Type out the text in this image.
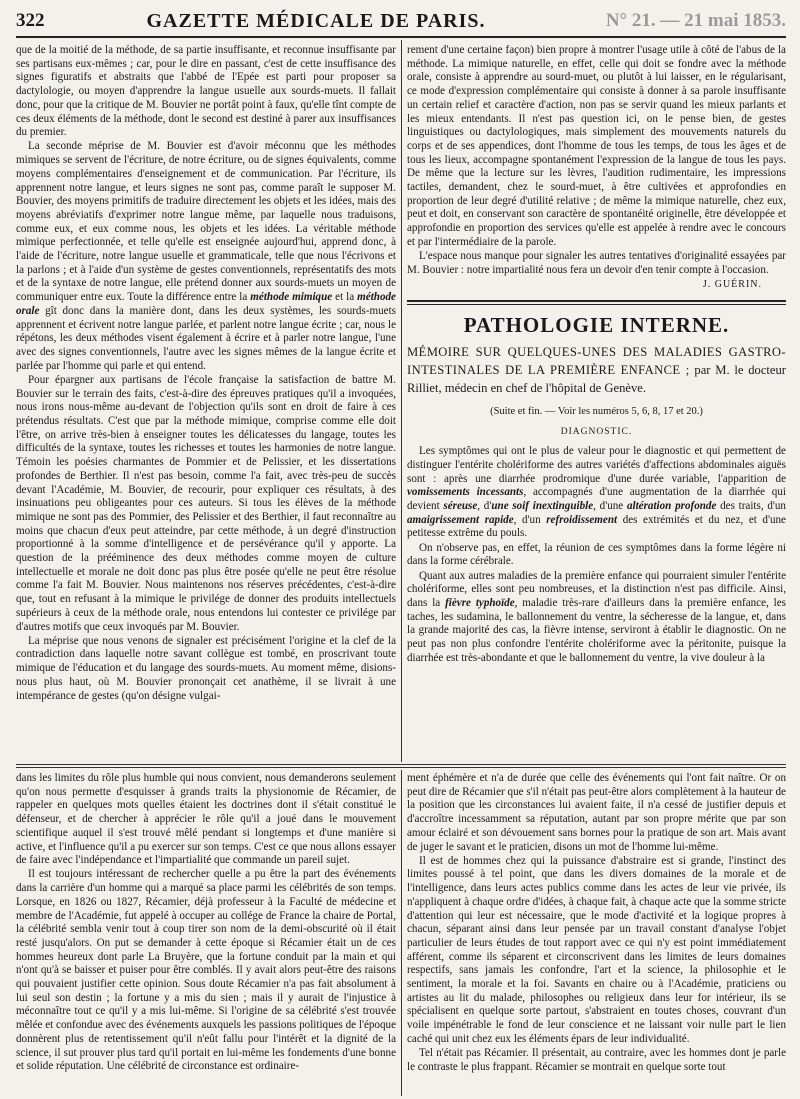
322	GAZETTE MÉDICALE DE PARIS.	N° 21. — 21 mai 1853.

que de la moitié de la méthode, de sa partie insuffisante, et reconnue insuffisante par ses partisans eux-mêmes ; car, pour le dire en passant, c'est de cette insuffisance des signes figuratifs et abstraits que l'abbé de l'Epée est parti pour proposer sa dactylologie, ou moyen d'apprendre la langue usuelle aux sourds-muets. Il fallait donc, pour que la critique de M. Bouvier ne portât point à faux, qu'elle tînt compte de ces deux éléments de la méthode, dont le second est destiné à parer aux insuffisances du premier.

La seconde méprise de M. Bouvier est d'avoir méconnu que les méthodes mimiques se servent de l'écriture, de notre écriture, ou de signes équivalents, comme moyens complémentaires d'enseignement et de communication. Par l'écriture, ils apprennent notre langue, et leurs signes ne sont pas, comme paraît le supposer M. Bouvier, des moyens primitifs de traduire directement les objets et les idées, mais des moyens abréviatifs d'exprimer notre langue même, par laquelle nous traduisons, comme eux, et eux comme nous, les objets et les idées. La véritable méthode mimique perfectionnée, et telle qu'elle est enseignée aujourd'hui, apprend donc, à l'aide de l'écriture, notre langue usuelle et grammaticale, telle que nous l'écrivons et la parlons ; et à l'aide d'un système de gestes conventionnels, représentatifs des mots et de la syntaxe de notre langue, elle prétend donner aux sourds-muets un moyen de communiquer entre eux. Toute la différence entre la méthode mimique et la méthode orale gît donc dans la manière dont, dans les deux systèmes, les sourds-muets apprennent et écrivent notre langue parlée, et parlent notre langue écrite ; car, nous le répétons, les deux méthodes visent également à écrire et à parler notre langue, l'une avec des signes conventionnels, l'autre avec les signes mêmes de la langue écrite et parlée par l'homme qui parle et qui entend.

Pour épargner aux partisans de l'école française la satisfaction de battre M. Bouvier sur le terrain des faits, c'est-à-dire des épreuves pratiques qu'il a invoquées, nous irons nous-même au-devant de l'objection qu'ils sont en droit de faire à ces prétendus résultats. C'est que par la méthode mimique, comprise comme elle doit l'être, on arrive très-bien à enseigner toutes les délicatesses du langage, toutes les difficultés de la syntaxe, toutes les richesses et toutes les harmonies de notre langue. Témoin les poésies charmantes de Pommier et de Pelissier, et les dissertations profondes de Berthier. Il n'est pas besoin, comme l'a fait, avec très-peu de succès devant l'Académie, M. Bouvier, de recourir, pour expliquer ces résultats, à des insinuations peu obligeantes pour ces auteurs. Si tous les élèves de la méthode mimique ne sont pas des Pommier, des Pelissier et des Berthier, il faut reconnaître au moins que chacun d'eux peut atteindre, par cette méthode, à un degré d'instruction proportionné à la somme d'intelligence et de persévérance qu'il y apporte. La question de la prééminence des deux méthodes comme moyen de culture intellectuelle et morale ne doit donc pas plus être posée qu'elle ne peut être résolue comme l'a fait M. Bouvier. Nous maintenons nos réserves précédentes, c'est-à-dire que, tout en refusant à la mimique le privilége de donner des produits intellectuels supérieurs à ceux de la méthode orale, nous entendons lui contester ce privilége par d'autres motifs que ceux invoqués par M. Bouvier.

La méprise que nous venons de signaler est précisément l'origine et la clef de la contradiction dans laquelle notre savant collègue est tombé, en proscrivant toute mimique de l'éducation et du langage des sourds-muets. Au moment même, disions-nous plus haut, où M. Bouvier prononçait cet anathème, il se livrait à une intempérance de gestes (qu'on désigne vulgai-

rement d'une certaine façon) bien propre à montrer l'usage utile à côté de l'abus de la méthode. La mimique naturelle, en effet, celle qui doit se fondre avec la méthode orale, consiste à apprendre au sourd-muet, ou plutôt à lui laisser, en le régularisant, ce mode d'expression complémentaire qui consiste à donner à sa parole insuffisante un certain relief et caractère d'action, non pas se servir quand les mieux parlants et les mieux entendants. Il n'est pas question ici, on le pense bien, de gestes linguistiques ou dactylologiques, mais simplement des mouvements naturels du corps et de ses appendices, dont l'homme de tous les temps, de tous les âges et de tous les lieux, accompagne spontanément l'expression de la langue de tous les pays. De même que la lecture sur les lèvres, l'audition rudimentaire, les impressions tactiles, demandent, chez le sourd-muet, à être cultivées et approfondies en proportion de leur degré d'utilité relative ; de même la mimique naturelle, chez eux, peut et doit, en conservant son caractère de spontanéité originelle, être développée et approfondie en proportion des services qu'elle est appelée à rendre avec le concours et par l'intermédiaire de la parole.

L'espace nous manque pour signaler les autres tentatives d'originalité essayées par M. Bouvier : notre impartialité nous fera un devoir d'en tenir compte à l'occasion.

J. GUÉRIN.
PATHOLOGIE INTERNE.
MÉMOIRE SUR QUELQUES-UNES DES MALADIES GASTRO-INTESTINALES DE LA PREMIÈRE ENFANCE ; par M. le docteur Rilliet, médecin en chef de l'hôpital de Genève.
(Suite et fin. — Voir les numéros 5, 6, 8, 17 et 20.)
DIAGNOSTIC.

Les symptômes qui ont le plus de valeur pour le diagnostic et qui permettent de distinguer l'entérite cholériforme des autres variétés d'affections abdominales aiguës sont : après une diarrhée prodromique d'une durée variable, l'apparition de vomissements incessants, accompagnés d'une augmentation de la diarrhée qui devient séreuse, d'une soif inextinguible, d'une altération profonde des traits, d'un amaigrissement rapide, d'un refroidissement des extrémités et du nez, et d'une petitesse extrême du pouls.

On n'observe pas, en effet, la réunion de ces symptômes dans la forme légère ni dans la forme cérébrale.

Quant aux autres maladies de la première enfance qui pourraient simuler l'entérite cholériforme, elles sont peu nombreuses, et la distinction n'est pas difficile. Ainsi, dans la fièvre typhoïde, maladie très-rare d'ailleurs dans la première enfance, les taches, les sudamina, le ballonnement du ventre, la sécheresse de la langue, et, dans la grande majorité des cas, la fièvre intense, serviront à établir le diagnostic. On ne peut pas non plus confondre l'entérite cholériforme avec la péritonite, puisque la diarrhée est très-abondante et que le ballonnement du ventre, la vive douleur à la

dans les limites du rôle plus humble qui nous convient, nous demanderons seulement qu'on nous permette d'esquisser à grands traits la physionomie de Récamier, de rappeler en quelques mots quelles étaient les doctrines dont il s'était constitué le défenseur, et de chercher à apprécier le rôle qu'il a joué dans le mouvement scientifique auquel il s'est trouvé mêlé pendant si longtemps et d'une manière si active, et l'influence qu'il a pu exercer sur son temps. C'est ce que nous allons essayer de faire avec l'indépendance et l'impartialité que commande un pareil sujet.

Il est toujours intéressant de rechercher quelle a pu être la part des événements dans la carrière d'un homme qui a marqué sa place parmi les célébrités de son temps. Lorsque, en 1826 ou 1827, Récamier, déjà professeur à la Faculté de médecine et membre de l'Académie, fut appelé à occuper au collége de France la chaire de Portal, la célébrité sembla venir tout à coup tirer son nom de la demi-obscurité où il était resté jusqu'alors. On put se demander à cette époque si Récamier était un de ces hommes heureux dont parle La Bruyère, que la fortune conduit par la main et qui n'ont qu'à se baisser et puiser pour être comblés. Il y avait alors peut-être des raisons qui pouvaient justifier cette opinion. Sous doute Récamier n'a pas fait absolument à lui seul son destin ; la fortune y a mis du sien ; mais il y aurait de l'injustice à méconnaître tout ce qu'il y a mis lui-même. Si l'origine de sa célébrité s'est trouvée mêlée et confondue avec des événements auxquels les passions politiques de l'époque donnèrent plus de retentissement qu'il n'eût fallu pour l'intérêt et la dignité de la science, il sut prouver plus tard qu'il portait en lui-même les fondements d'une bonne et solide réputation. Une célébrité de circonstance est ordinaire-

ment éphémère et n'a de durée que celle des événements qui l'ont fait naître. Or on peut dire de Récamier que s'il n'était pas peut-être alors complètement à la hauteur de la position que les circonstances lui avaient faite, il n'a cessé de justifier depuis et d'accroître incessamment sa réputation, autant par son propre mérite que par son amour éclairé et son dévouement sans bornes pour la pratique de son art. Mais avant de juger le savant et le praticien, disons un mot de l'homme lui-même.

Il est de hommes chez qui la puissance d'abstraire est si grande, l'instinct des limites poussé à tel point, que dans les divers domaines de la morale et de l'intelligence, dans leurs actes publics comme dans les actes de leur vie privée, ils n'appliquent à chaque ordre d'idées, à chaque fait, à chaque acte que la somme stricte d'attention qui leur est nécessaire, que le mode d'activité et la logique propres à chacun, séparant ainsi dans leur pensée par un travail constant d'analyse l'objet particulier de leurs études de tout rapport avec ce qui n'y est point immédiatement afférent, comme ils séparent et circonscrivent dans les limites de leurs domaines respectifs, sans jamais les confondre, l'art et la science, la philosophie et le sentiment, la morale et la foi. Savants en chaire ou à l'Académie, praticiens ou artistes au lit du malade, philosophes ou religieux dans leur for intérieur, ils se spécialisent en quelque sorte partout, s'abstraient en toutes choses, couvrant d'un voile impénétrable le fond de leur conscience et ne laissant voir nulle part le lien caché qui unit chez eux les éléments épars de leur individualité.

Tel n'était pas Récamier. Il présentait, au contraire, avec les hommes dont je parle le contraste le plus frappant. Récamier se montrait en quelque sorte tout
